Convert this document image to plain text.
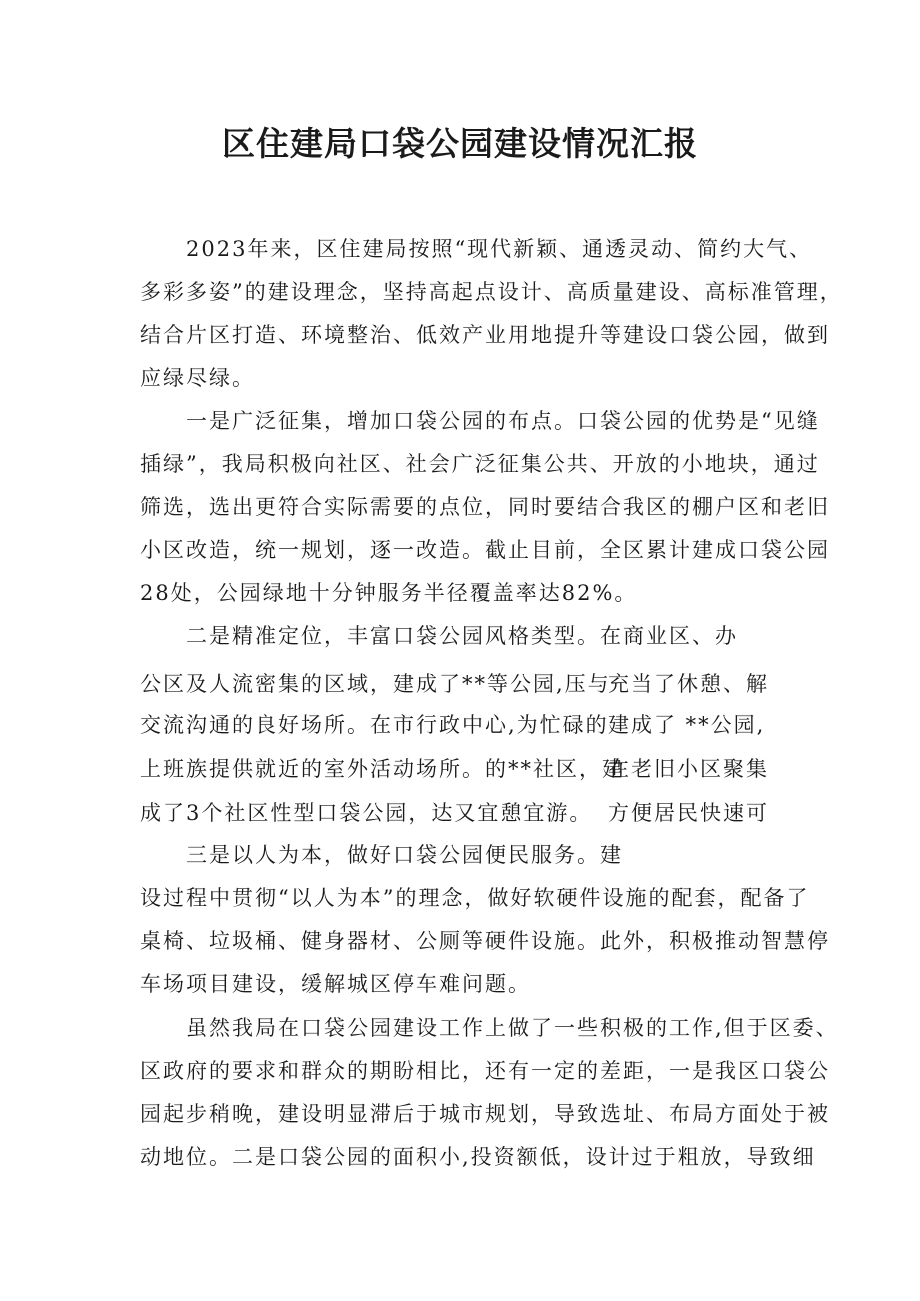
区住建局口袋公园建设情况汇报
2023年来，区住建局按照“现代新颖、通透灵动、简约大气、
多彩多姿”的建设理念，坚持高起点设计、高质量建设、高标准管理，
结合片区打造、环境整治、低效产业用地提升等建设口袋公园，做到
应绿尽绿。
一是广泛征集，增加口袋公园的布点。口袋公园的优势是“见缝
插绿”，我局积极向社区、社会广泛征集公共、开放的小地块，通过
筛选，选出更符合实际需要的点位，同时要结合我区的棚户区和老旧
小区改造，统一规划，逐一改造。截止目前，全区累计建成口袋公园
28处，公园绿地十分钟服务半径覆盖率达82%。
二是精准定位，丰富口袋公园风格类型。在商业区、办
公区及人流密集的区域，建成了**等公园,压与
充当了休憩、解
交流沟通的良好场所。在市行政中心,为忙碌的 建成了 **公园,
上班族提供就近的室外活动场所。的**社区，建
在老旧小区聚集
成了3个社区性型口袋公园，达又宜憩宜游。 方便居民快速可
三是以人为本，做好口袋公园便民服务。建
设过程中贯彻“以人为本”的理念，做好软硬件设施的配套，配备了
桌椅、垃圾桶、健身器材、公厕等硬件设施。此外，积极推动智慧停
车场项目建设，缓解城区停车难问题。
虽然我局在口袋公园建设工作上做了一些积极的工作,但于区委、
区政府的要求和群众的期盼相比，还有一定的差距，一是我区口袋公
园起步稍晚，建设明显滞后于城市规划，导致选址、布局方面处于被
动地位。二是口袋公园的面积小,投资额低，设计过于粗放，导致细
